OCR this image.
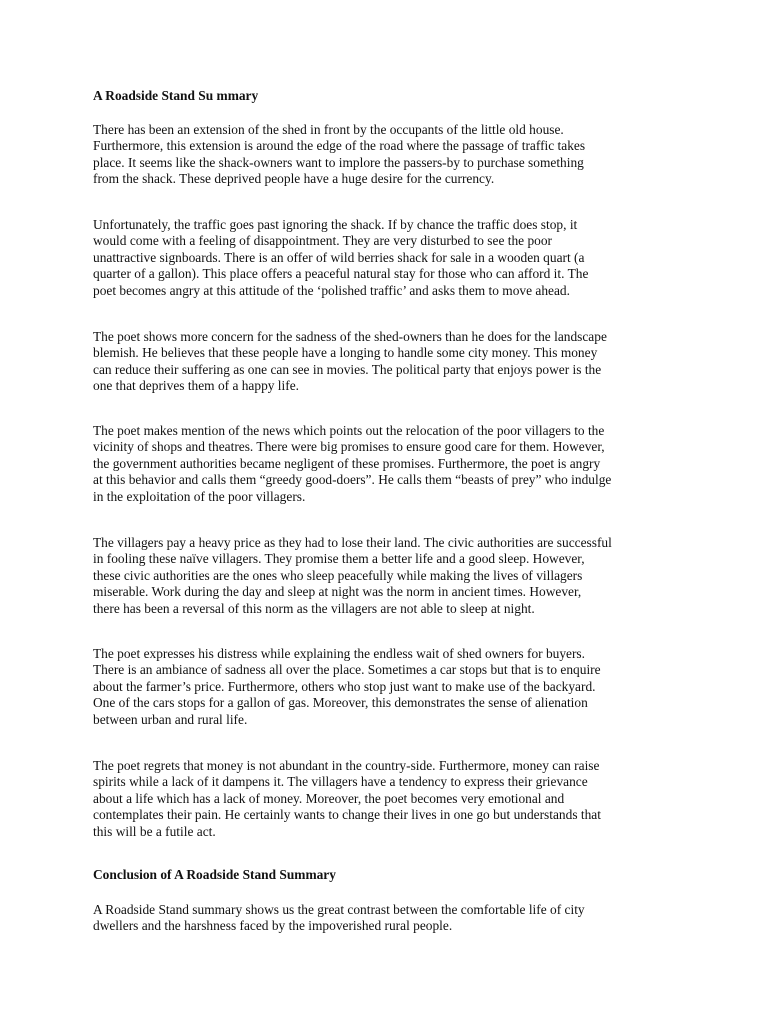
A Roadside Stand Su mmary
There has been an extension of the shed in front by the occupants of the little old house.
Furthermore, this extension is around the edge of the road where the passage of traffic takes
place. It seems like the shack-owners want to implore the passers-by to purchase something
from the shack. These deprived people have a huge desire for the currency.
Unfortunately, the traffic goes past ignoring the shack. If by chance the traffic does stop, it
would come with a feeling of disappointment. They are very disturbed to see the poor
unattractive signboards. There is an offer of wild berries shack for sale in a wooden quart (a
quarter of a gallon). This place offers a peaceful natural stay for those who can afford it. The
poet becomes angry at this attitude of the ‘polished traffic’ and asks them to move ahead.
The poet shows more concern for the sadness of the shed-owners than he does for the landscape
blemish. He believes that these people have a longing to handle some city money. This money
can reduce their suffering as one can see in movies. The political party that enjoys power is the
one that deprives them of a happy life.
The poet makes mention of the news which points out the relocation of the poor villagers to the
vicinity of shops and theatres. There were big promises to ensure good care for them. However,
the government authorities became negligent of these promises. Furthermore, the poet is angry
at this behavior and calls them “greedy good-doers”. He calls them “beasts of prey” who indulge
in the exploitation of the poor villagers.
The villagers pay a heavy price as they had to lose their land. The civic authorities are successful
in fooling these naïve villagers. They promise them a better life and a good sleep. However,
these civic authorities are the ones who sleep peacefully while making the lives of villagers
miserable. Work during the day and sleep at night was the norm in ancient times. However,
there has been a reversal of this norm as the villagers are not able to sleep at night.
The poet expresses his distress while explaining the endless wait of shed owners for buyers.
There is an ambiance of sadness all over the place. Sometimes a car stops but that is to enquire
about the farmer’s price. Furthermore, others who stop just want to make use of the backyard.
One of the cars stops for a gallon of gas. Moreover, this demonstrates the sense of alienation
between urban and rural life.
The poet regrets that money is not abundant in the country-side. Furthermore, money can raise
spirits while a lack of it dampens it. The villagers have a tendency to express their grievance
about a life which has a lack of money. Moreover, the poet becomes very emotional and
contemplates their pain. He certainly wants to change their lives in one go but understands that
this will be a futile act.
Conclusion of A Roadside Stand Summary
A Roadside Stand summary shows us the great contrast between the comfortable life of city
dwellers and the harshness faced by the impoverished rural people.
